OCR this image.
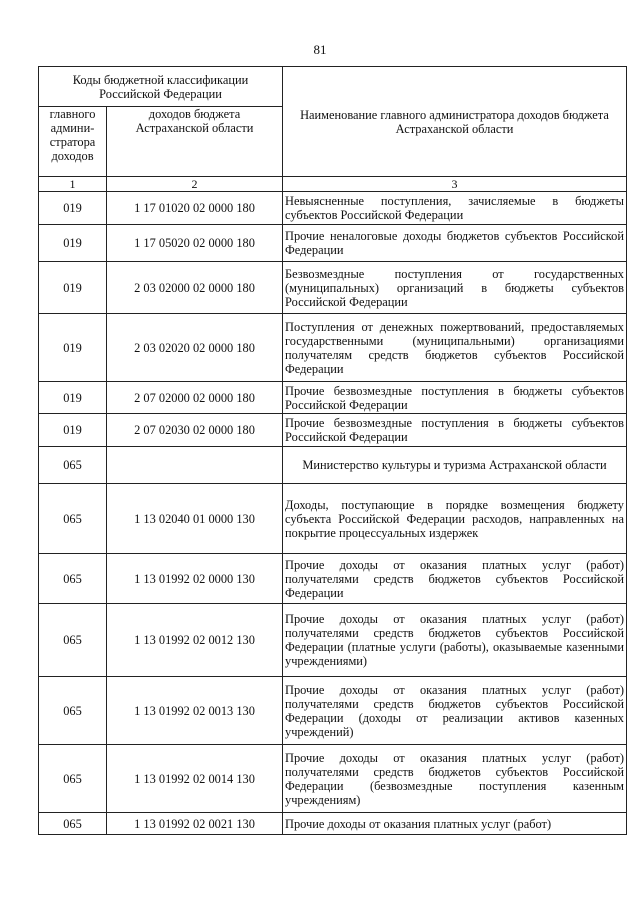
81
Коды бюджетной классификации Российской Федерации		Наименование главного администратора доходов бюджета Астраханской области
главного админи-стратора доходов	доходов бюджета Астраханской области	
1	2	3
019	1 17 01020 02 0000 180	Невыясненные поступления, зачисляемые в бюджеты субъектов Российской Федерации
019	1 17 05020 02 0000 180	Прочие неналоговые доходы бюджетов субъектов Российской Федерации
019	2 03 02000 02 0000 180	Безвозмездные поступления от государственных (муниципальных) организаций в бюджеты субъектов Российской Федерации
019	2 03 02020 02 0000 180	Поступления от денежных пожертвований, предоставляемых государственными (муниципальными) организациями получателям средств бюджетов субъектов Российской Федерации
019	2 07 02000 02 0000 180	Прочие безвозмездные поступления в бюджеты субъектов Российской Федерации
019	2 07 02030 02 0000 180	Прочие безвозмездные поступления в бюджеты субъектов Российской Федерации
065		Министерство культуры и туризма Астраханской области
065	1 13 02040 01 0000 130	Доходы, поступающие в порядке возмещения бюджету субъекта Российской Федерации расходов, направленных на покрытие процессуальных издержек
065	1 13 01992 02 0000 130	Прочие доходы от оказания платных услуг (работ) получателями средств бюджетов субъектов Российской Федерации
065	1 13 01992 02 0012 130	Прочие доходы от оказания платных услуг (работ) получателями средств бюджетов субъектов Российской Федерации (платные услуги (работы), оказываемые казенными учреждениями)
065	1 13 01992 02 0013 130	Прочие доходы от оказания платных услуг (работ) получателями средств бюджетов субъектов Российской Федерации (доходы от реализации активов казенных учреждений)
065	1 13 01992 02 0014 130	Прочие доходы от оказания платных услуг (работ) получателями средств бюджетов субъектов Российской Федерации (безвозмездные поступления казенным учреждениям)
065	1 13 01992 02 0021 130	Прочие доходы от оказания платных услуг (работ)
